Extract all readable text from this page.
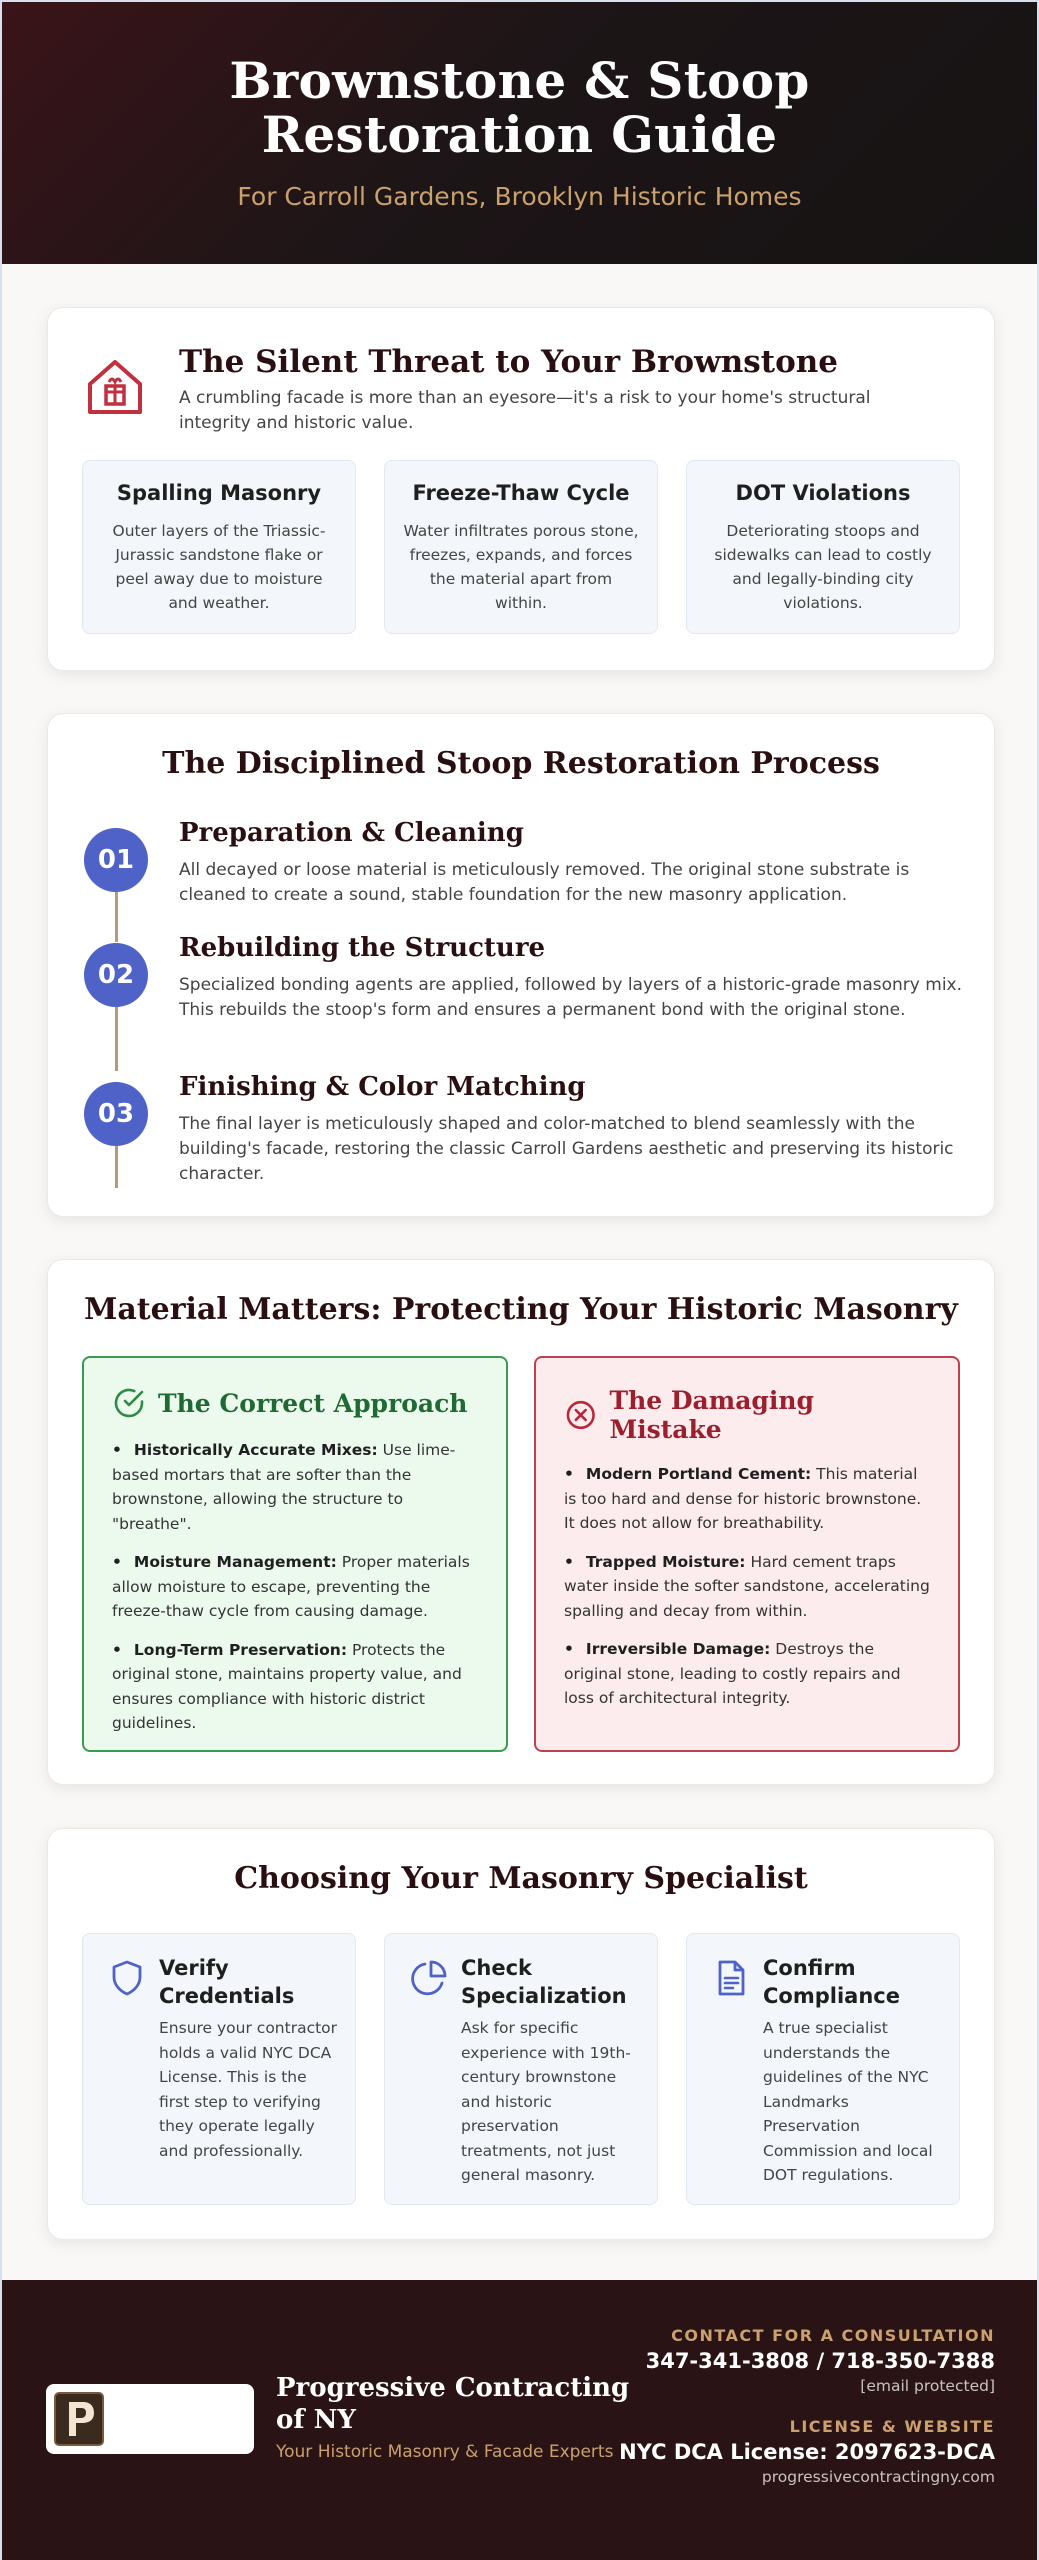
Brownstone & Stoop Restoration Guide
For Carroll Gardens, Brooklyn Historic Homes
The Silent Threat to Your Brownstone

A crumbling facade is more than an eyesore—it's a risk to your home's structural integrity and historic value.

Spalling Masonry

Outer layers of the Triassic-Jurassic sandstone flake or peel away due to moisture and weather.

Freeze-Thaw Cycle

Water infiltrates porous stone, freezes, expands, and forces the material apart from within.

DOT Violations

Deteriorating stoops and sidewalks can lead to costly and legally-binding city violations.

The Disciplined Stoop Restoration Process
01
Preparation & Cleaning

All decayed or loose material is meticulously removed. The original stone substrate is cleaned to create a sound, stable foundation for the new masonry application.

02
Rebuilding the Structure

Specialized bonding agents are applied, followed by layers of a historic-grade masonry mix. This rebuilds the stoop's form and ensures a permanent bond with the original stone.

03
Finishing & Color Matching

The final layer is meticulously shaped and color-matched to blend seamlessly with the building's facade, restoring the classic Carroll Gardens aesthetic and preserving its historic character.

Material Matters: Protecting Your Historic Masonry
The Correct Approach
• Historically Accurate Mixes: Use lime-based mortars that are softer than the brownstone, allowing the structure to "breathe".
• Moisture Management: Proper materials allow moisture to escape, preventing the freeze-thaw cycle from causing damage.
• Long-Term Preservation: Protects the original stone, maintains property value, and ensures compliance with historic district guidelines.
The Damaging Mistake
• Modern Portland Cement: This material is too hard and dense for historic brownstone. It does not allow for breathability.
• Trapped Moisture: Hard cement traps water inside the softer sandstone, accelerating spalling and decay from within.
• Irreversible Damage: Destroys the original stone, leading to costly repairs and loss of architectural integrity.
Choosing Your Masonry Specialist
Verify Credentials

Ensure your contractor holds a valid NYC DCA License. This is the first step to verifying they operate legally and professionally.

Check Specialization

Ask for specific experience with 19th-century brownstone and historic preservation treatments, not just general masonry.

Confirm Compliance

A true specialist understands the guidelines of the NYC Landmarks Preservation Commission and local DOT regulations.

Progressive Contracting of NY
Your Historic Masonry & Facade Experts
CONTACT FOR A CONSULTATION
347-341-3808 / 718-350-7388
[email protected]
LICENSE & WEBSITE
NYC DCA License: 2097623-DCA
progressivecontractingny.com
